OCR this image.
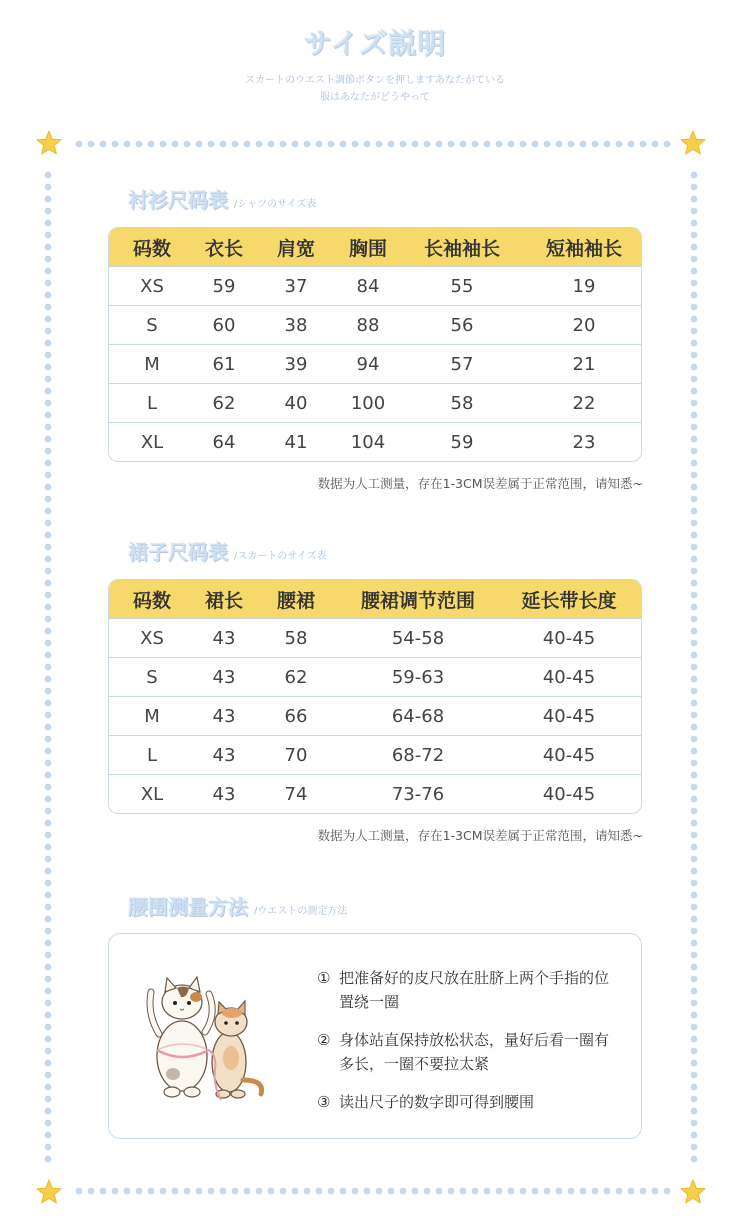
サイズ説明
スカートのウエスト調節ボタンを押しますあなたがている
服はあなたがどうやって
衬衫尺码表 /シャツのサイズ表
码数	衣长	肩宽	胸围	长袖袖长	短袖袖长
XS	59	37	84	55	19
S	60	38	88	56	20
M	61	39	94	57	21
L	62	40	100	58	22
XL	64	41	104	59	23
数据为人工测量，存在1-3CM误差属于正常范围，请知悉~
裙子尺码表 /スカートのサイズ表
码数	裙长	腰裙	腰裙调节范围	延长带长度
XS	43	58	54-58	40-45
S	43	62	59-63	40-45
M	43	66	64-68	40-45
L	43	70	68-72	40-45
XL	43	74	73-76	40-45
数据为人工测量，存在1-3CM误差属于正常范围，请知悉~
腰围测量方法 /ウエストの測定方法
① 把准备好的皮尺放在肚脐上两个手指的位置绕一圈
② 身体站直保持放松状态，量好后看一圈有多长，一圈不要拉太紧
③ 读出尺子的数字即可得到腰围
